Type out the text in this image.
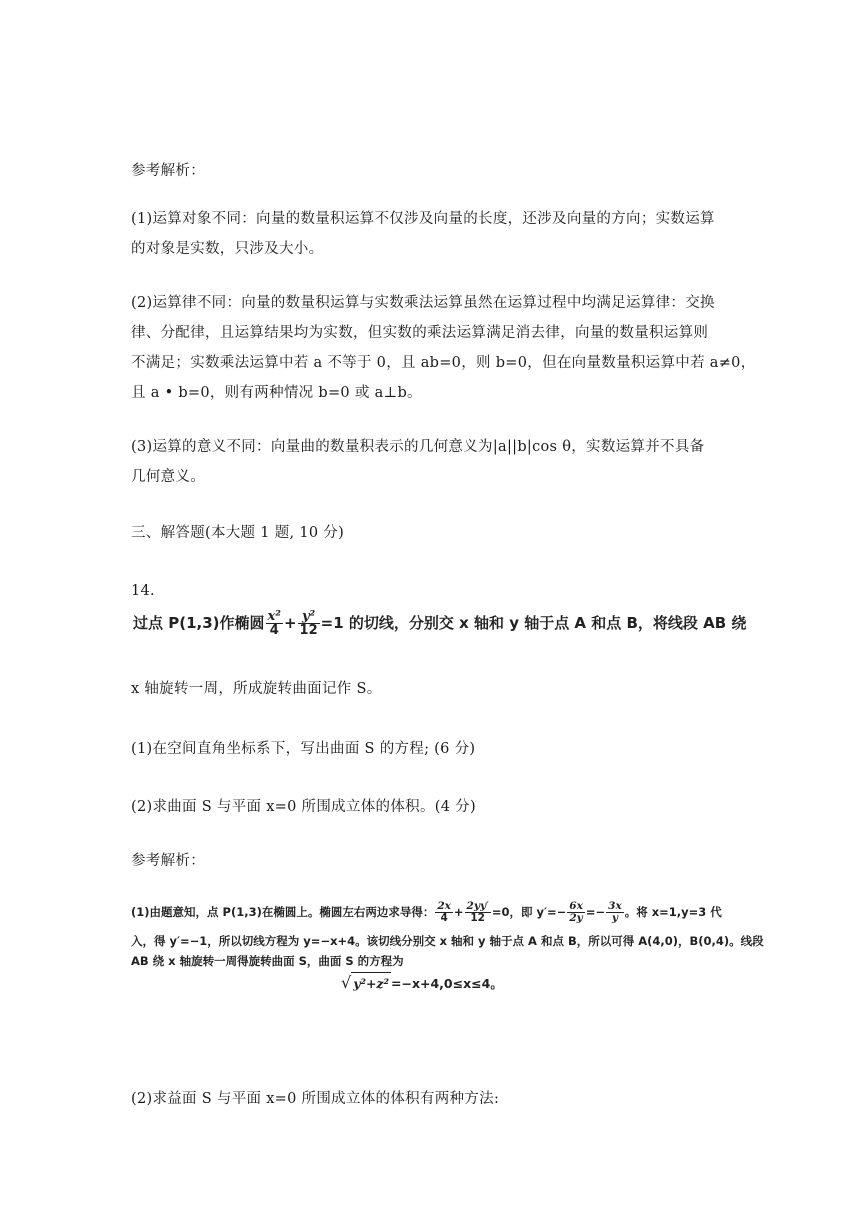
参考解析：
(1)运算对象不同：向量的数量积运算不仅涉及向量的长度，还涉及向量的方向；实数运算
的对象是实数，只涉及大小。
(2)运算律不同：向量的数量积运算与实数乘法运算虽然在运算过程中均满足运算律：交换
律、分配律，且运算结果均为实数，但实数的乘法运算满足消去律，向量的数量积运算则
不满足；实数乘法运算中若 a 不等于 0，且 ab=0，则 b=0，但在向量数量积运算中若 a≠0，
且 a • b=0，则有两种情况 b=0 或 a⊥b。
(3)运算的意义不同：向量曲的数量积表示的几何意义为|a||b|cos θ，实数运算并不具备
几何意义。
三、解答题(本大题 1 题, 10 分)
14.
过点 P(1,3)作椭圆 $\frac{\text{x²}}{4} + \frac{\text{y²}}{12} =1$ 的切线，分别交 x 轴和 y 轴于点 A 和点 B，将线段 AB 绕
x 轴旋转一周，所成旋转曲面记作 S。
(1)在空间直角坐标系下，写出曲面 S 的方程; (6 分)
(2)求曲面 S 与平面 x=0 所围成立体的体积。(4 分)
参考解析：
(1)由题意知，点 P(1,3)在椭圆上。椭圆左右两边求导得： $\frac{2x}{4} + \frac{2yy'}{12} =0$，即 $y'=- \frac{6x}{2y} =- \frac{3x}{y}$ 。将 x=1,y=3 代
入，得 y′=−1，所以切线方程为 y=−x+4。该切线分别交 x 轴和 y 轴于点 A 和点 B，所以可得 A(4,0)，B(0,4)。线段
AB 绕 x 轴旋转一周得旋转曲面 S，曲面 S 的方程为
√ y²+z² =−x+4,0≤x≤4。
(2)求益面 S 与平面 x=0 所围成立体的体积有两种方法:
